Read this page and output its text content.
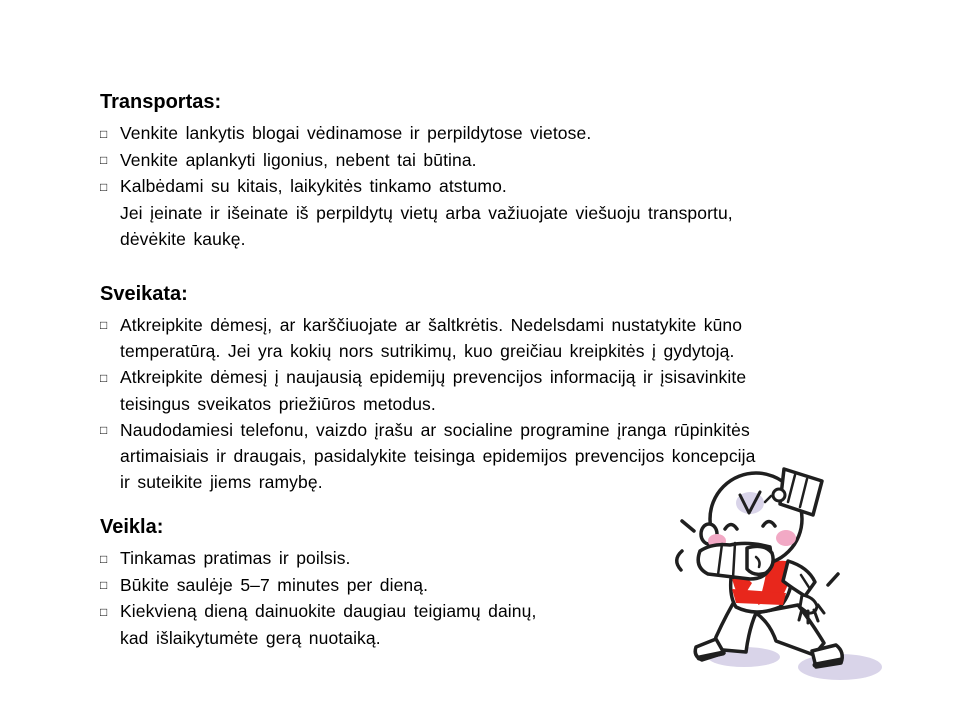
Transportas:
□ Venkite lankytis blogai vėdinamose ir perpildytose vietose.
□ Venkite aplankyti ligonius, nebent tai būtina.
□ Kalbėdami su kitais, laikykitės tinkamo atstumo.
Jei įeinate ir išeinate iš perpildytų vietų arba važiuojate viešuoju transportu,
dėvėkite kaukę.
Sveikata:
□ Atkreipkite dėmesį, ar karščiuojate ar šaltkrėtis. Nedelsdami nustatykite kūno
temperatūrą. Jei yra kokių nors sutrikimų, kuo greičiau kreipkitės į gydytoją.
□ Atkreipkite dėmesį į naujausią epidemijų prevencijos informaciją ir įsisavinkite
teisingus sveikatos priežiūros metodus.
□ Naudodamiesi telefonu, vaizdo įrašu ar socialine programine įranga rūpinkitės
artimaisiais ir draugais, pasidalykite teisinga epidemijos prevencijos koncepcija
ir suteikite jiems ramybę.
Veikla:
□ Tinkamas pratimas ir poilsis.
□ Būkite saulėje 5–7 minutes per dieną.
□ Kiekvieną dieną dainuokite daugiau teigiamų dainų,
kad išlaikytumėte gerą nuotaiką.
